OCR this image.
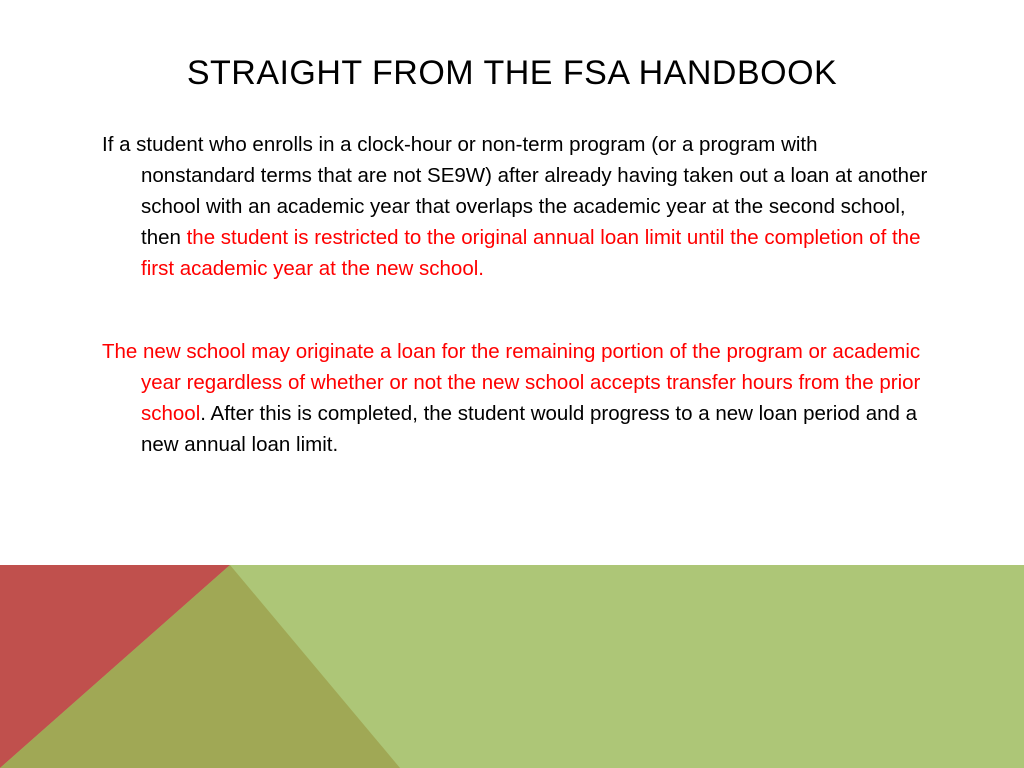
STRAIGHT FROM THE FSA HANDBOOK

If a student who enrolls in a clock-hour or non-term program (or a program with nonstandard terms that are not SE9W) after already having taken out a loan at another school with an academic year that overlaps the academic year at the second school, then the student is restricted to the original annual loan limit until the completion of the first academic year at the new school.

The new school may originate a loan for the remaining portion of the program or academic year regardless of whether or not the new school accepts transfer hours from the prior school. After this is completed, the student would progress to a new loan period and a new annual loan limit.
